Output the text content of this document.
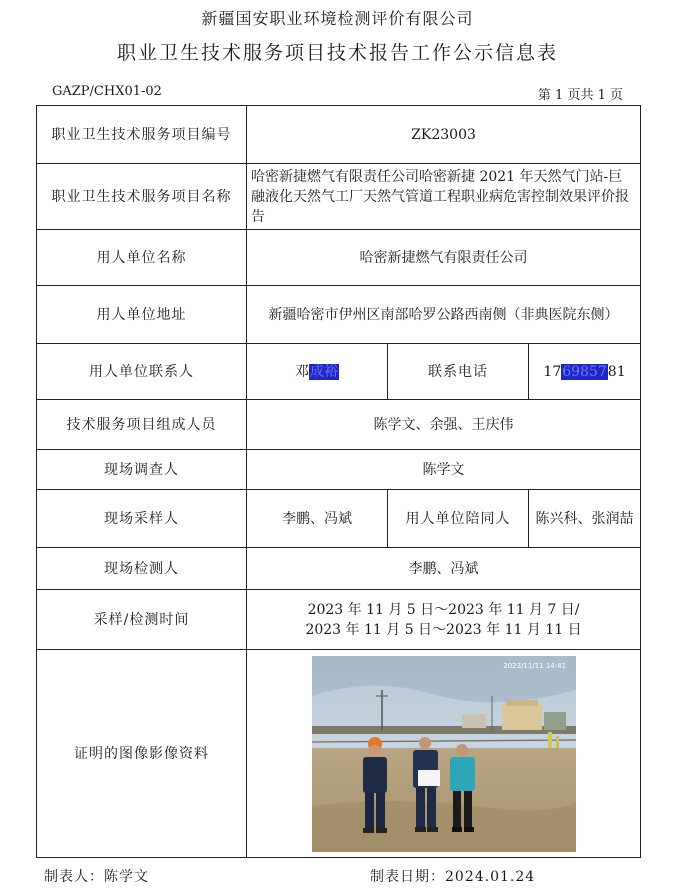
新疆国安职业环境检测评价有限公司
职业卫生技术服务项目技术报告工作公示信息表
GAZP/CHX01-02	第 1 页共 1 页
职业卫生技术服务项目编号	ZK23003		
职业卫生技术服务项目名称	哈密新捷燃气有限责任公司哈密新捷 2021 年天然气门站-巨融液化天然气工厂天然气管道工程职业病危害控制效果评价报告		
用人单位名称	哈密新捷燃气有限责任公司		
用人单位地址	新疆哈密市伊州区南部哈罗公路西南侧（非典医院东侧）		
用人单位联系人	邓成裕	联系电话	176985781
技术服务项目组成人员	陈学文、余强、王庆伟		
现场调查人	陈学文		
现场采样人	李鹏、冯斌	用人单位陪同人	陈兴科、张润喆
现场检测人	李鹏、冯斌		
采样/检测时间	2023 年 11 月 5 日～2023 年 11 月 7 日/
2023 年 11 月 5 日～2023 年 11 月 11 日		

证明的图像影像资料	2023/11/11 14:41		
制表人：陈学文	制表日期：2024.01.24
